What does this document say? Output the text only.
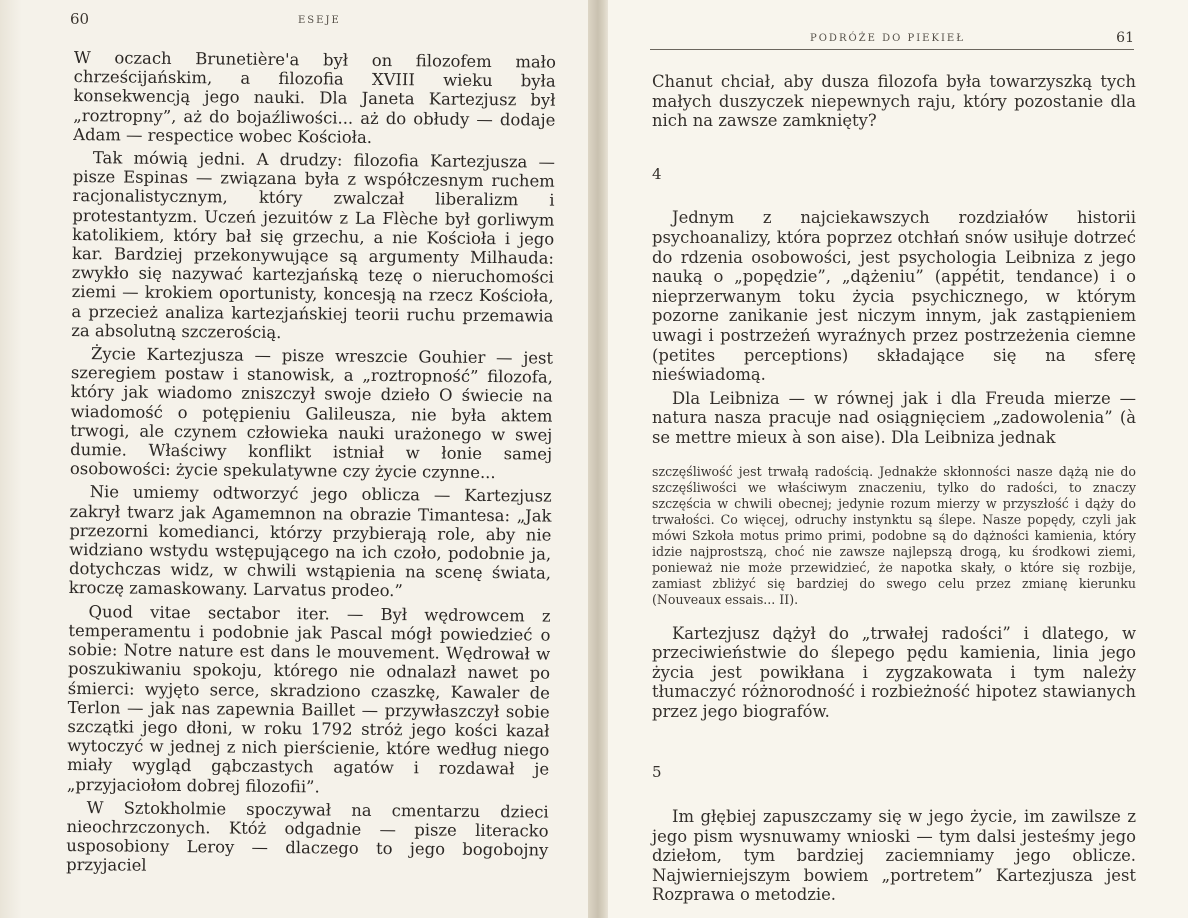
60	ESEJE

W oczach Brunetière'a był on filozofem mało chrześcijańskim, a filozofia XVIII wieku była konsekwencją jego nauki. Dla Janeta Kartezjusz był „roztropny”, aż do bojaźliwości... aż do obłudy — dodaje Adam — respectice wobec Kościoła.

Tak mówią jedni. A drudzy: filozofia Kartezjusza — pisze Espinas — związana była z współczesnym ruchem racjonalistycznym, który zwalczał liberalizm i protestantyzm. Uczeń jezuitów z La Flèche był gorliwym katolikiem, który bał się grzechu, a nie Kościoła i jego kar. Bardziej przekonywujące są argumenty Milhauda: zwykło się nazywać kartezjańską tezę o nieruchomości ziemi — krokiem oportunisty, koncesją na rzecz Kościoła, a przecież analiza kartezjańskiej teorii ruchu przemawia za absolutną szczerością.

Życie Kartezjusza — pisze wreszcie Gouhier — jest szeregiem postaw i stanowisk, a „roztropność” filozofa, który jak wiadomo zniszczył swoje dzieło O świecie na wiadomość o potępieniu Galileusza, nie była aktem trwogi, ale czynem człowieka nauki urażonego w swej dumie. Właściwy konflikt istniał w łonie samej osobowości: życie spekulatywne czy życie czynne...

Nie umiemy odtworzyć jego oblicza — Kartezjusz zakrył twarz jak Agamemnon na obrazie Timantesa: „Jak przezorni komedianci, którzy przybierają role, aby nie widziano wstydu wstępującego na ich czoło, podobnie ja, dotychczas widz, w chwili wstąpienia na scenę świata, kroczę zamaskowany. Larvatus prodeo.”

Quod vitae sectabor iter. — Był wędrowcem z temperamentu i podobnie jak Pascal mógł powiedzieć o sobie: Notre nature est dans le mouvement. Wędrował w poszukiwaniu spokoju, którego nie odnalazł nawet po śmierci: wyjęto serce, skradziono czaszkę, Kawaler de Terlon — jak nas zapewnia Baillet — przywłaszczył sobie szczątki jego dłoni, w roku 1792 stróż jego kości kazał wytoczyć w jednej z nich pierścienie, które według niego miały wygląd gąbczastych agatów i rozdawał je „przyjaciołom dobrej filozofii”.

W Sztokholmie spoczywał na cmentarzu dzieci nieochrzczonych. Któż odgadnie — pisze literacko usposobiony Leroy — dlaczego to jego bogobojny przyjaciel

PODRÓŻE DO PIEKIEŁ	61

Chanut chciał, aby dusza filozofa była towarzyszką tych małych duszyczek niepewnych raju, który pozostanie dla nich na zawsze zamknięty?

4

Jednym z najciekawszych rozdziałów historii psychoanalizy, która poprzez otchłań snów usiłuje dotrzeć do rdzenia osobowości, jest psychologia Leibniza z jego nauką o „popędzie”, „dążeniu” (appétit, tendance) i o nieprzerwanym toku życia psychicznego, w którym pozorne zanikanie jest niczym innym, jak zastąpieniem uwagi i postrzeżeń wyraźnych przez postrzeżenia ciemne (petites perceptions) składające się na sferę nieświadomą.

Dla Leibniza — w równej jak i dla Freuda mierze — natura nasza pracuje nad osiągnięciem „zadowolenia” (à se mettre mieux à son aise). Dla Leibniza jednak

szczęśliwość jest trwałą radością. Jednakże skłonności nasze dążą nie do szczęśliwości we właściwym znaczeniu, tylko do radości, to znaczy szczęścia w chwili obecnej; jedynie rozum mierzy w przyszłość i dąży do trwałości. Co więcej, odruchy instynktu są ślepe. Nasze popędy, czyli jak mówi Szkoła motus primo primi, podobne są do dążności kamienia, który idzie najprostszą, choć nie zawsze najlepszą drogą, ku środkowi ziemi, ponieważ nie może przewidzieć, że napotka skały, o które się rozbije, zamiast zbliżyć się bardziej do swego celu przez zmianę kierunku (Nouveaux essais... II).

Kartezjusz dążył do „trwałej radości” i dlatego, w przeciwieństwie do ślepego pędu kamienia, linia jego życia jest powikłana i zygzakowata i tym należy tłumaczyć różnorodność i rozbieżność hipotez stawianych przez jego biografów.

5

Im głębiej zapuszczamy się w jego życie, im zawilsze z jego pism wysnuwamy wnioski — tym dalsi jesteśmy jego dziełom, tym bardziej zaciemniamy jego oblicze. Najwierniejszym bowiem „portretem” Kartezjusza jest Rozprawa o metodzie.
